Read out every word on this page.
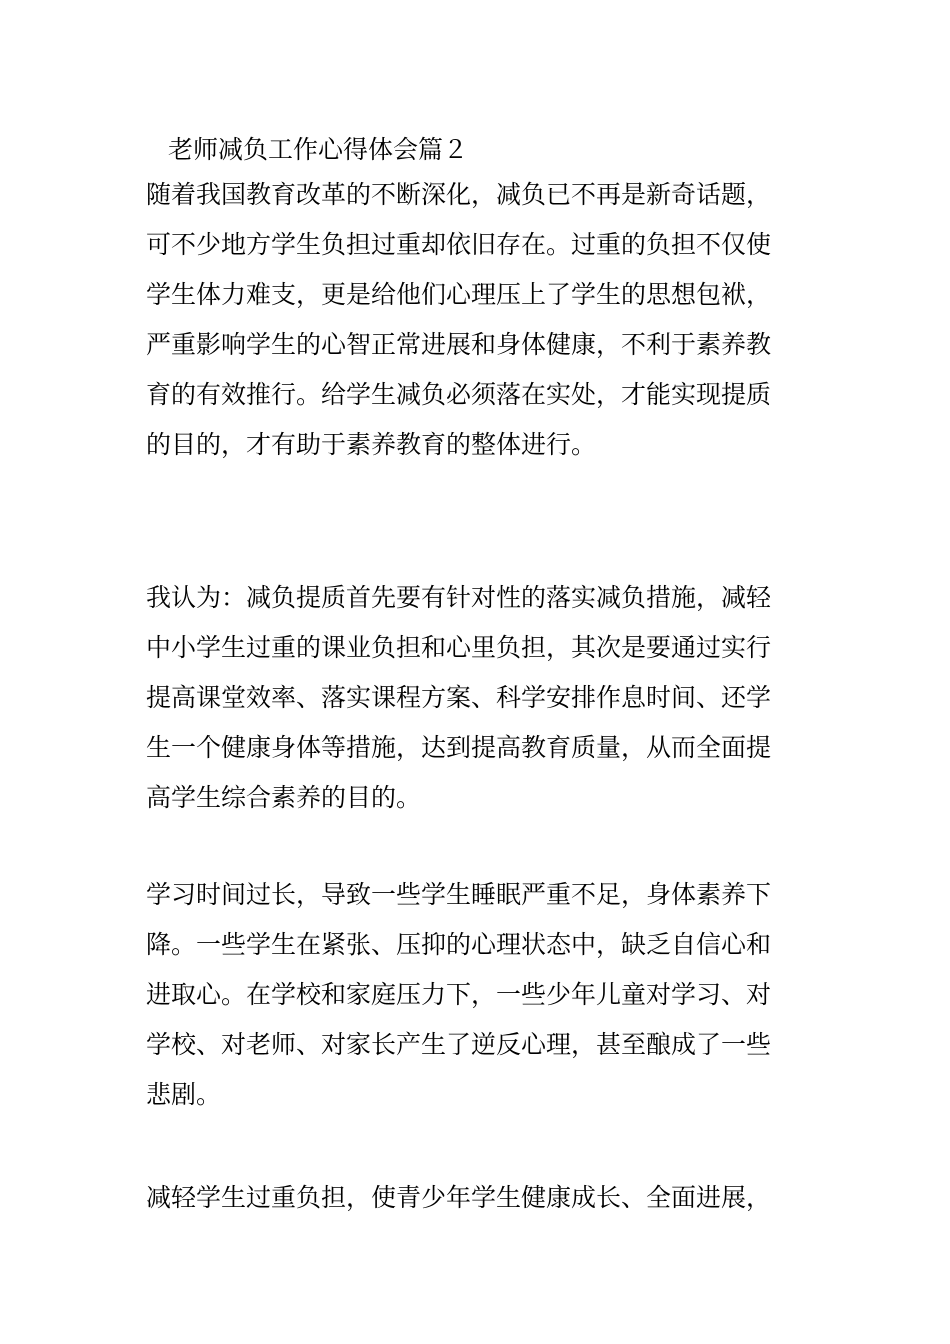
老师减负工作心得体会篇２
随着我国教育改革的不断深化，减负已不再是新奇话题，
可不少地方学生负担过重却依旧存在。过重的负担不仅使
学生体力难支，更是给他们心理压上了学生的思想包袱，
严重影响学生的心智正常进展和身体健康，不利于素养教
育的有效推行。给学生减负必须落在实处，才能实现提质
的目的，才有助于素养教育的整体进行。
我认为：减负提质首先要有针对性的落实减负措施，减轻
中小学生过重的课业负担和心里负担，其次是要通过实行
提高课堂效率、落实课程方案、科学安排作息时间、还学
生一个健康身体等措施，达到提高教育质量，从而全面提
高学生综合素养的目的。
学习时间过长，导致一些学生睡眠严重不足，身体素养下
降。一些学生在紧张、压抑的心理状态中，缺乏自信心和
进取心。在学校和家庭压力下，一些少年儿童对学习、对
学校、对老师、对家长产生了逆反心理，甚至酿成了一些
悲剧。
减轻学生过重负担，使青少年学生健康成长、全面进展，
